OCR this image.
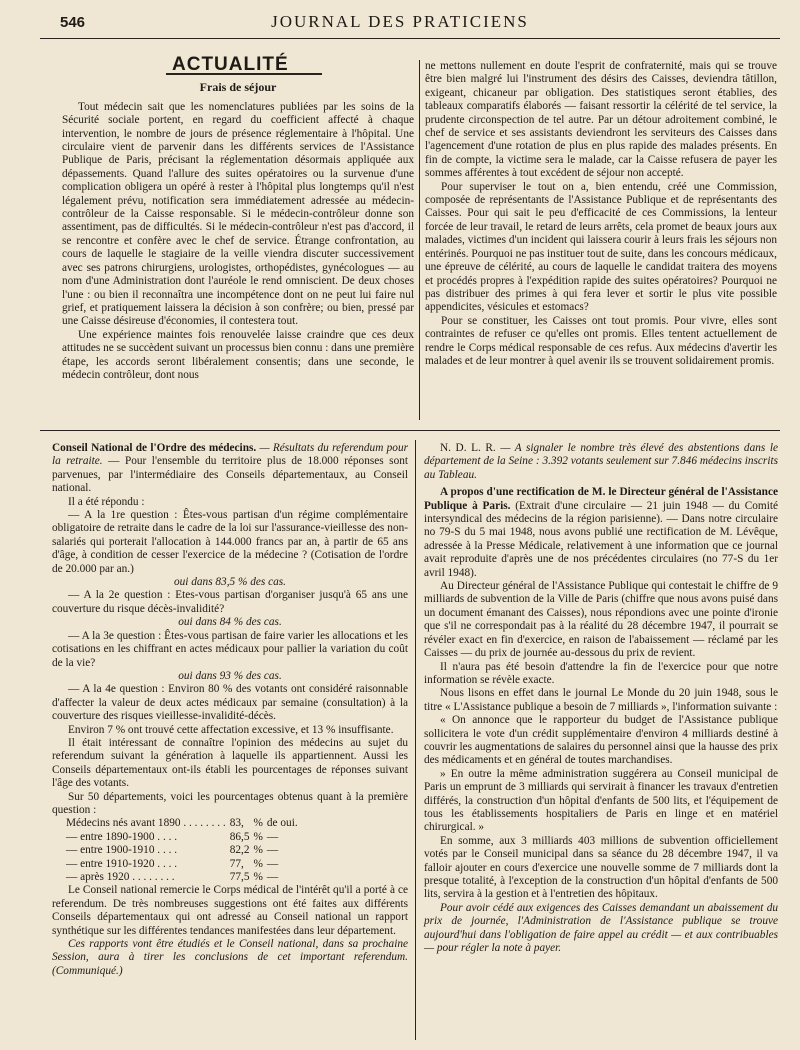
546	JOURNAL DES PRATICIENS
ACTUALITÉ
Frais de séjour

Tout médecin sait que les nomenclatures publiées par les soins de la Sécurité sociale portent, en regard du coefficient affecté à chaque intervention, le nombre de jours de présence réglementaire à l'hôpital. Une circulaire vient de parvenir dans les différents services de l'Assistance Publique de Paris, précisant la réglementation désormais appliquée aux dépassements. Quand l'allure des suites opératoires ou la survenue d'une complication obligera un opéré à rester à l'hôpital plus longtemps qu'il n'est légalement prévu, notification sera immédiatement adressée au médecin-contrôleur de la Caisse responsable. Si le médecin-contrôleur donne son assentiment, pas de difficultés. Si le médecin-contrôleur n'est pas d'accord, il se rencontre et confère avec le chef de service. Étrange confrontation, au cours de laquelle le stagiaire de la veille viendra discuter successivement avec ses patrons chirurgiens, urologistes, orthopédistes, gynécologues — au nom d'une Administration dont l'auréole le rend omniscient. De deux choses l'une : ou bien il reconnaîtra une incompétence dont on ne peut lui faire nul grief, et pratiquement laissera la décision à son confrère; ou bien, pressé par une Caisse désireuse d'économies, il contestera tout.

Une expérience maintes fois renouvelée laisse craindre que ces deux attitudes ne se succèdent suivant un processus bien connu : dans une première étape, les accords seront libéralement consentis; dans une seconde, le médecin contrôleur, dont nous

ne mettons nullement en doute l'esprit de confraternité, mais qui se trouve être bien malgré lui l'instrument des désirs des Caisses, deviendra tâtillon, exigeant, chicaneur par obligation. Des statistiques seront établies, des tableaux comparatifs élaborés — faisant ressortir la célérité de tel service, la prudente circonspection de tel autre. Par un détour adroitement combiné, le chef de service et ses assistants deviendront les serviteurs des Caisses dans l'agencement d'une rotation de plus en plus rapide des malades présents. En fin de compte, la victime sera le malade, car la Caisse refusera de payer les sommes afférentes à tout excédent de séjour non accepté.

Pour superviser le tout on a, bien entendu, créé une Commission, composée de représentants de l'Assistance Publique et de représentants des Caisses. Pour qui sait le peu d'efficacité de ces Commissions, la lenteur forcée de leur travail, le retard de leurs arrêts, cela promet de beaux jours aux malades, victimes d'un incident qui laissera courir à leurs frais les séjours non entérinés. Pourquoi ne pas instituer tout de suite, dans les concours médicaux, une épreuve de célérité, au cours de laquelle le candidat traitera des moyens et procédés propres à l'expédition rapide des suites opératoires? Pourquoi ne pas distribuer des primes à qui fera lever et sortir le plus vite possible appendicites, vésicules et estomacs?

Pour se constituer, les Caisses ont tout promis. Pour vivre, elles sont contraintes de refuser ce qu'elles ont promis. Elles tentent actuellement de rendre le Corps médical responsable de ces refus. Aux médecins d'avertir les malades et de leur montrer à quel avenir ils se trouvent solidairement promis.

Conseil National de l'Ordre des médecins. — Résultats du referendum pour la retraite. — Pour l'ensemble du territoire plus de 18.000 réponses sont parvenues, par l'intermédiaire des Conseils départementaux, au Conseil national.

Il a été répondu :

— A la 1re question : Êtes-vous partisan d'un régime complémentaire obligatoire de retraite dans le cadre de la loi sur l'assurance-vieillesse des non-salariés qui porterait l'allocation à 144.000 francs par an, à partir de 65 ans d'âge, à condition de cesser l'exercice de la médecine ? (Cotisation de l'ordre de 20.000 par an.)

oui dans 83,5 % des cas.

— A la 2e question : Etes-vous partisan d'organiser jusqu'à 65 ans une couverture du risque décès-invalidité?

oui dans 84 % des cas.

— A la 3e question : Êtes-vous partisan de faire varier les allocations et les cotisations en les chiffrant en actes médicaux pour pallier la variation du coût de la vie?

oui dans 93 % des cas.

— A la 4e question : Environ 80 % des votants ont considéré raisonnable d'affecter la valeur de deux actes médicaux par semaine (consultation) à la couverture des risques vieillesse-invalidité-décès.

Environ 7 % ont trouvé cette affectation excessive, et 13 % insuffisante.

Il était intéressant de connaître l'opinion des médecins au sujet du referendum suivant la génération à laquelle ils appartiennent. Aussi les Conseils départementaux ont-ils établi les pourcentages de réponses suivant l'âge des votants.

Sur 50 départements, voici les pourcentages obtenus quant à la première question :

Médecins nés avant 1890 . . . . . . . .	83,	%	de oui.
— entre 1890-1900 . . . .	86,5	%	—
— entre 1900-1910 . . . .	82,2	%	—
— entre 1910-1920 . . . .	77,	%	—
— après 1920 . . . . . . . .	77,5	%	—

Le Conseil national remercie le Corps médical de l'intérêt qu'il a porté à ce referendum. De très nombreuses suggestions ont été faites aux différents Conseils départementaux qui ont adressé au Conseil national un rapport synthétique sur les différentes tendances manifestées dans leur département.

Ces rapports vont être étudiés et le Conseil national, dans sa prochaine Session, aura à tirer les conclusions de cet important referendum. (Communiqué.)

N. D. L. R. — A signaler le nombre très élevé des abstentions dans le département de la Seine : 3.392 votants seulement sur 7.846 médecins inscrits au Tableau.

A propos d'une rectification de M. le Directeur général de l'Assistance Publique à Paris. (Extrait d'une circulaire — 21 juin 1948 — du Comité intersyndical des médecins de la région parisienne). — Dans notre circulaire no 79-S du 5 mai 1948, nous avons publié une rectification de M. Lévêque, adressée à la Presse Médicale, relativement à une information que ce journal avait reproduite d'après une de nos précédentes circulaires (no 77-S du 1er avril 1948).

Au Directeur général de l'Assistance Publique qui contestait le chiffre de 9 milliards de subvention de la Ville de Paris (chiffre que nous avons puisé dans un document émanant des Caisses), nous répondions avec une pointe d'ironie que s'il ne correspondait pas à la réalité du 28 décembre 1947, il pourrait se révéler exact en fin d'exercice, en raison de l'abaissement — réclamé par les Caisses — du prix de journée au-dessous du prix de revient.

Il n'aura pas été besoin d'attendre la fin de l'exercice pour que notre information se révèle exacte.

Nous lisons en effet dans le journal Le Monde du 20 juin 1948, sous le titre « L'Assistance publique a besoin de 7 milliards », l'information suivante :

« On annonce que le rapporteur du budget de l'Assistance publique sollicitera le vote d'un crédit supplémentaire d'environ 4 milliards destiné à couvrir les augmentations de salaires du personnel ainsi que la hausse des prix des médicaments et en général de toutes marchandises.

» En outre la même administration suggérera au Conseil municipal de Paris un emprunt de 3 milliards qui servirait à financer les travaux d'entretien différés, la construction d'un hôpital d'enfants de 500 lits, et l'équipement de tous les établissements hospitaliers de Paris en linge et en matériel chirurgical. »

En somme, aux 3 milliards 403 millions de subvention officiellement votés par le Conseil municipal dans sa séance du 28 décembre 1947, il va falloir ajouter en cours d'exercice une nouvelle somme de 7 milliards dont la presque totalité, à l'exception de la construction d'un hôpital d'enfants de 500 lits, servira à la gestion et à l'entretien des hôpitaux.

Pour avoir cédé aux exigences des Caisses demandant un abaissement du prix de journée, l'Administration de l'Assistance publique se trouve aujourd'hui dans l'obligation de faire appel au crédit — et aux contribuables — pour régler la note à payer.
